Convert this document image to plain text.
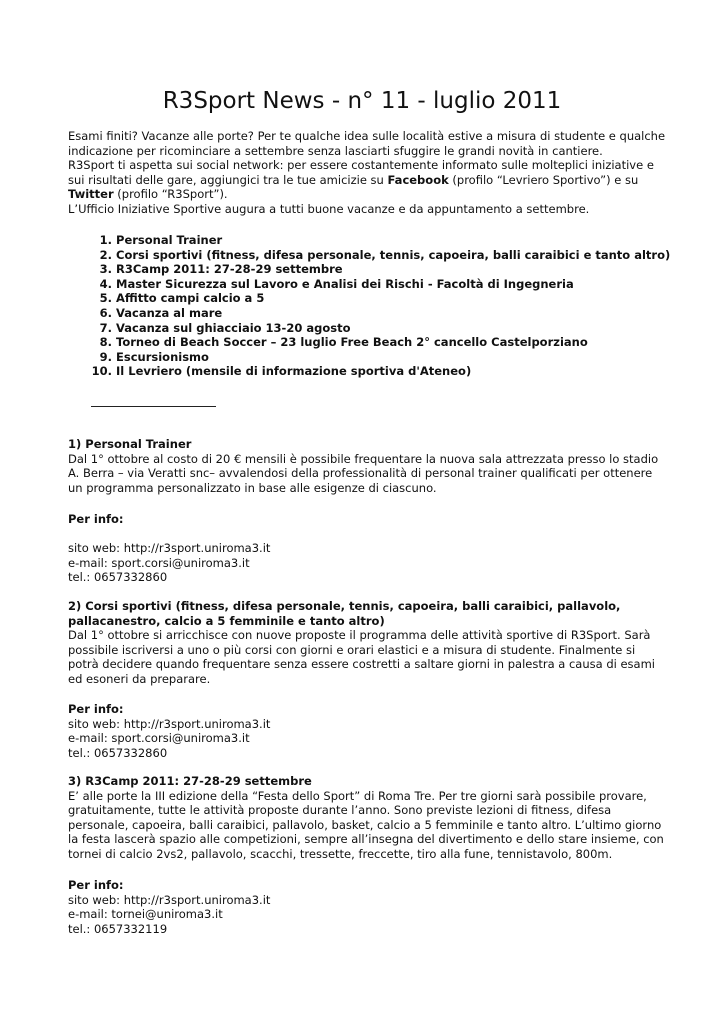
R3Sport News - n° 11 - luglio 2011

Esami finiti? Vacanze alle porte? Per te qualche idea sulle località estive a misura di studente e qualche indicazione per ricominciare a settembre senza lasciarti sfuggire le grandi novità in cantiere.

R3Sport ti aspetta sui social network: per essere costantemente informato sulle molteplici iniziative e sui risultati delle gare, aggiungici tra le tue amicizie su Facebook (profilo “Levriero Sportivo”) e su Twitter (profilo “R3Sport”).

L’Ufficio Iniziative Sportive augura a tutti buone vacanze e da appuntamento a settembre.

1. Personal Trainer
2. Corsi sportivi (fitness, difesa personale, tennis, capoeira, balli caraibici e tanto altro)
3. R3Camp 2011: 27-28-29 settembre
4. Master Sicurezza sul Lavoro e Analisi dei Rischi - Facoltà di Ingegneria
5. Affitto campi calcio a 5
6. Vacanza al mare
7. Vacanza sul ghiacciaio 13-20 agosto
8. Torneo di Beach Soccer – 23 luglio Free Beach 2° cancello Castelporziano
9. Escursionismo
10. Il Levriero (mensile di informazione sportiva d'Ateneo)

1) Personal Trainer

Dal 1° ottobre al costo di 20 € mensili è possibile frequentare la nuova sala attrezzata presso lo stadio A. Berra – via Veratti snc– avvalendosi della professionalità di personal trainer qualificati per ottenere un programma personalizzato in base alle esigenze di ciascuno.

Per info:

sito web: http://r3sport.uniroma3.it

e-mail: sport.corsi@uniroma3.it

tel.: 0657332860

2) Corsi sportivi (fitness, difesa personale, tennis, capoeira, balli caraibici, pallavolo, pallacanestro, calcio a 5 femminile e tanto altro)

Dal 1° ottobre si arricchisce con nuove proposte il programma delle attività sportive di R3Sport. Sarà possibile iscriversi a uno o più corsi con giorni e orari elastici e a misura di studente. Finalmente si potrà decidere quando frequentare senza essere costretti a saltare giorni in palestra a causa di esami ed esoneri da preparare.

Per info:

sito web: http://r3sport.uniroma3.it

e-mail: sport.corsi@uniroma3.it

tel.: 0657332860

3) R3Camp 2011: 27-28-29 settembre

E’ alle porte la III edizione della “Festa dello Sport” di Roma Tre. Per tre giorni sarà possibile provare, gratuitamente, tutte le attività proposte durante l’anno. Sono previste lezioni di fitness, difesa personale, capoeira, balli caraibici, pallavolo, basket, calcio a 5 femminile e tanto altro. L’ultimo giorno la festa lascerà spazio alle competizioni, sempre all’insegna del divertimento e dello stare insieme, con tornei di calcio 2vs2, pallavolo, scacchi, tressette, freccette, tiro alla fune, tennistavolo, 800m.

Per info:

sito web: http://r3sport.uniroma3.it

e-mail: tornei@uniroma3.it

tel.: 0657332119
